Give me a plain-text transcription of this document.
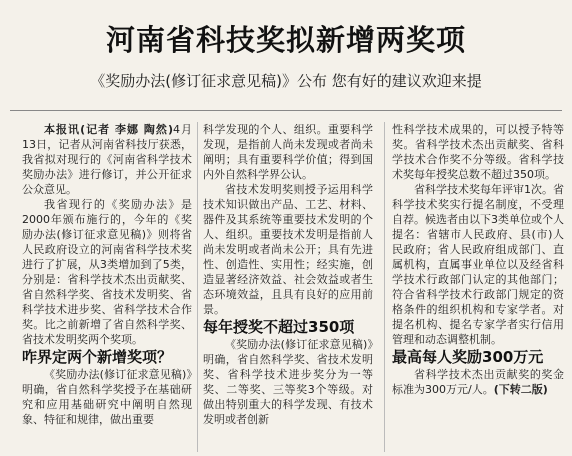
河南省科技奖拟新增两奖项
《奖励办法(修订征求意见稿)》公布 您有好的建议欢迎来提

本报讯(记者 李娜 陶然)4月13日，记者从河南省科技厅获悉，我省拟对现行的《河南省科学技术奖励办法》进行修订，并公开征求公众意见。

我省现行的《奖励办法》是2000年颁布施行的，今年的《奖励办法(修订征求意见稿)》则将省人民政府设立的河南省科学技术奖进行了扩展，从3类增加到了5类，分别是：省科学技术杰出贡献奖、省自然科学奖、省技术发明奖、省科学技术进步奖、省科学技术合作奖。比之前新增了省自然科学奖、省技术发明奖两个奖项。

咋界定两个新增奖项？

《奖励办法(修订征求意见稿)》明确，省自然科学奖授予在基础研究和应用基础研究中阐明自然现象、特征和规律，做出重要

科学发现的个人、组织。重要科学发现，是指前人尚未发现或者尚未阐明；具有重要科学价值；得到国内外自然科学界公认。

省技术发明奖则授予运用科学技术知识做出产品、工艺、材料、器件及其系统等重要技术发明的个人、组织。重要技术发明是指前人尚未发明或者尚未公开；具有先进性、创造性、实用性；经实施，创造显著经济效益、社会效益或者生态环境效益，且具有良好的应用前景。

每年授奖不超过350项

《奖励办法(修订征求意见稿)》明确，省自然科学奖、省技术发明奖、省科学技术进步奖分为一等奖、二等奖、三等奖3个等级。对做出特别重大的科学发现、有技术发明或者创新

性科学技术成果的，可以授予特等奖。省科学技术杰出贡献奖、省科学技术合作奖不分等级。省科学技术奖每年授奖总数不超过350项。

省科学技术奖每年评审1次。省科学技术奖实行提名制度，不受理自荐。候选者由以下3类单位或个人提名：省辖市人民政府、县(市)人民政府；省人民政府组成部门、直属机构，直属事业单位以及经省科学技术行政部门认定的其他部门；符合省科学技术行政部门规定的资格条件的组织机构和专家学者。对提名机构、提名专家学者实行信用管理和动态调整机制。

最高每人奖励300万元

省科学技术杰出贡献奖的奖金标准为300万元/人。(下转二版)
